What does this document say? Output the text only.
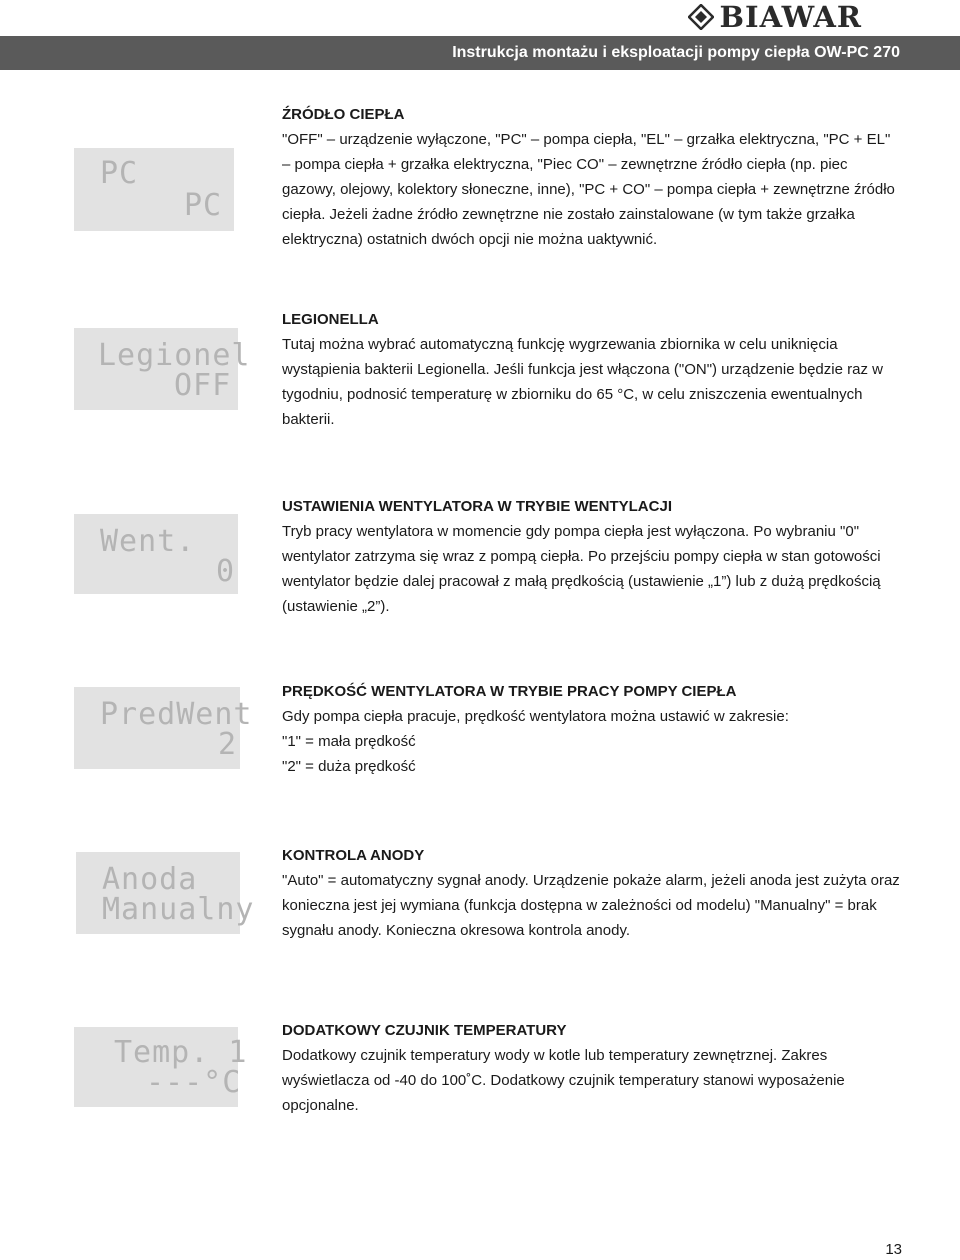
BIAWAR
Instrukcja montażu i eksploatacji pompy ciepła OW-PC 270
PC
PC
ŹRÓDŁO CIEPŁA
"OFF" – urządzenie wyłączone, "PC" – pompa ciepła, "EL" – grzałka elektryczna, "PC + EL" – pompa ciepła + grzałka elektryczna, "Piec CO" – zewnętrzne źródło ciepła (np. piec gazowy, olejowy, kolektory słoneczne, inne), "PC + CO" – pompa ciepła + zewnętrzne źródło ciepła. Jeżeli żadne źródło zewnętrzne nie zostało zainstalowane (w tym także grzałka elektryczna) ostatnich dwóch opcji nie można uaktywnić.
Legionel
OFF
LEGIONELLA
Tutaj można wybrać automatyczną funkcję wygrzewania zbiornika w celu uniknięcia wystąpienia bakterii Legionella. Jeśli funkcja jest włączona ("ON") urządzenie będzie raz w tygodniu, podnosić temperaturę w zbiorniku do 65 °C, w celu zniszczenia ewentualnych bakterii.
Went.
0
USTAWIENIA WENTYLATORA W TRYBIE WENTYLACJI
Tryb pracy wentylatora w momencie gdy pompa ciepła jest wyłączona. Po wybraniu "0" wentylator zatrzyma się wraz z pompą ciepła. Po przejściu pompy ciepła w stan gotowości wentylator będzie dalej pracował z małą prędkością (ustawienie „1”) lub z dużą prędkością (ustawienie „2”).
PredWent
2
PRĘDKOŚĆ WENTYLATORA W TRYBIE PRACY POMPY CIEPŁA
Gdy pompa ciepła pracuje, prędkość wentylatora można ustawić w zakresie:
"1" = mała prędkość
"2" = duża prędkość
Anoda
Manualny
KONTROLA ANODY
"Auto" = automatyczny sygnał anody. Urządzenie pokaże alarm, jeżeli anoda jest zużyta oraz konieczna jest jej wymiana (funkcja dostępna w zależności od modelu) "Manualny" = brak sygnału anody. Konieczna okresowa kontrola anody.
Temp. 1
---°C
DODATKOWY CZUJNIK TEMPERATURY
Dodatkowy czujnik temperatury wody w kotle lub temperatury zewnętrznej. Zakres wyświetlacza od -40 do 100˚C. Dodatkowy czujnik temperatury stanowi wyposażenie opcjonalne.
13
